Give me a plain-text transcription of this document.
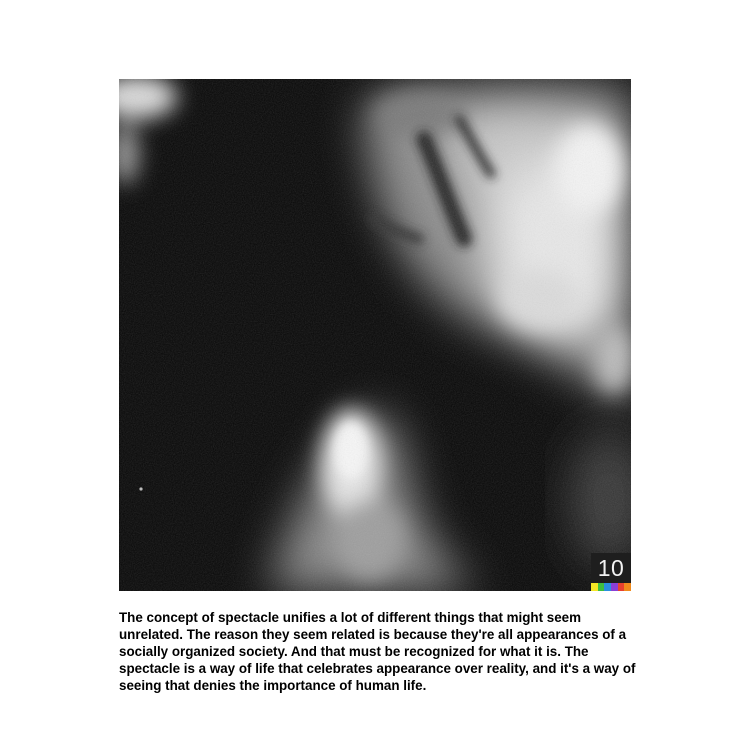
10

The concept of spectacle unifies a lot of different things that might seem unrelated. The reason they seem related is because they're all appearances of a socially organized society. And that must be recognized for what it is. The spectacle is a way of life that celebrates appearance over reality, and it's a way of seeing that denies the importance of human life.
